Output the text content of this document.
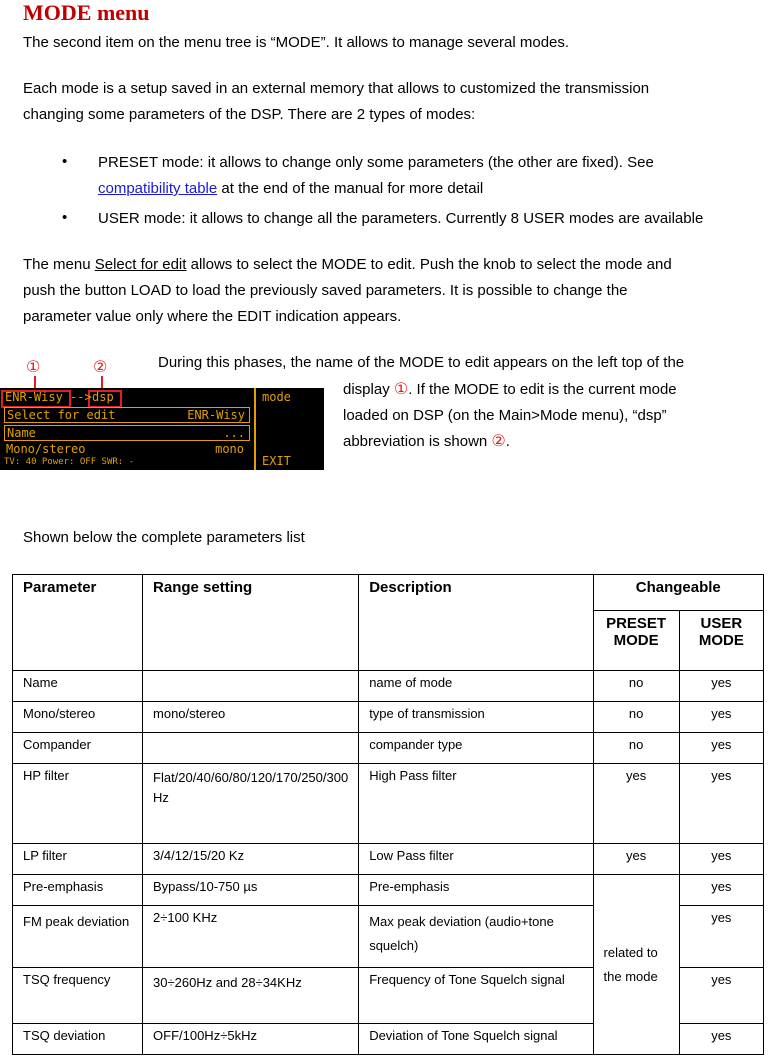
MODE menu
The second item on the menu tree is “MODE”. It allows to manage several modes.
Each mode is a setup saved in an external memory that allows to customized the transmission
changing some parameters of the DSP. There are 2 types of modes:
• PRESET mode: it allows to change only some parameters (the other are fixed). See
compatibility table at the end of the manual for more detail
• USER mode: it allows to change all the parameters. Currently 8 USER modes are available
The menu Select for edit allows to select the MODE to edit. Push the knob to select the mode and
push the button LOAD to load the previously saved parameters. It is possible to change the
parameter value only where the EDIT indication appears.
①	②	During this phases, the name of the MODE to edit appears on the left top of the
display ①. If the MODE to edit is the current mode
loaded on DSP (on the Main>Mode menu), “dsp”
abbreviation is shown ②.
ENR-Wisy --> dsp	mode
Select for edit	ENR-Wisy
Name	...
Mono/stereo	mono
TV: 40 Power: OFF SWR: -	EXIT
Shown below the complete parameters list
Parameter	Range setting	Description	Changeable	
			PRESET MODE	USER MODE
Name		name of mode	no	yes
Mono/stereo	mono/stereo	type of transmission	no	yes
Compander		compander type	no	yes
HP filter	Flat/20/40/60/80/120/170/250/300 Hz	High Pass filter	yes	yes
LP filter	3/4/12/15/20 Kz	Low Pass filter	yes	yes
Pre-emphasis	Bypass/10-750 µs	Pre-emphasis	related to the mode	yes
FM peak deviation	2÷100 KHz	Max peak deviation (audio+tone squelch)		yes
TSQ frequency	30÷260Hz and 28÷34KHz	Frequency of Tone Squelch signal		yes
TSQ deviation	OFF/100Hz÷5kHz	Deviation of Tone Squelch signal		yes
